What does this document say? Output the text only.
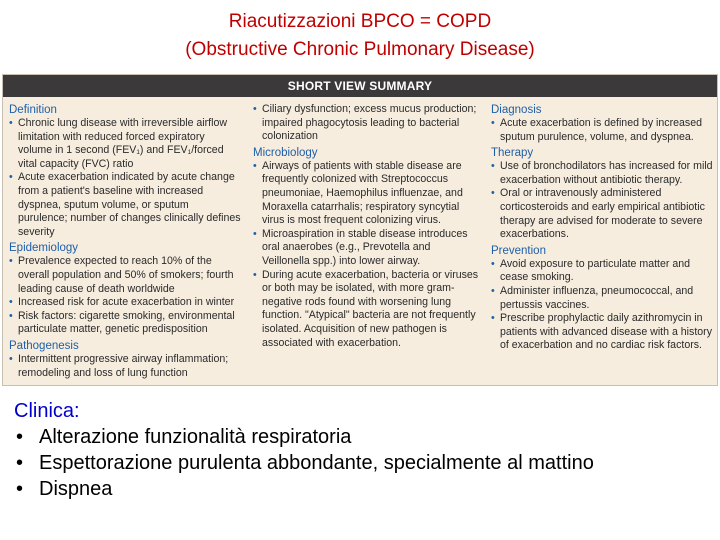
Riacutizzazioni BPCO = COPD
(Obstructive Chronic Pulmonary Disease)
SHORT VIEW SUMMARY
Definition
• Chronic lung disease with irreversible airflow limitation with reduced forced expiratory volume in 1 second (FEV₁) and FEV₁/forced vital capacity (FVC) ratio
• Acute exacerbation indicated by acute change from a patient's baseline with increased dyspnea, sputum volume, or sputum purulence; number of changes clinically defines severity
Epidemiology
• Prevalence expected to reach 10% of the overall population and 50% of smokers; fourth leading cause of death worldwide
• Increased risk for acute exacerbation in winter
• Risk factors: cigarette smoking, environmental particulate matter, genetic predisposition
Pathogenesis
• Intermittent progressive airway inflammation; remodeling and loss of lung function
• Ciliary dysfunction; excess mucus production; impaired phagocytosis leading to bacterial colonization
Microbiology
• Airways of patients with stable disease are frequently colonized with Streptococcus pneumoniae, Haemophilus influenzae, and Moraxella catarrhalis; respiratory syncytial virus is most frequent colonizing virus.
• Microaspiration in stable disease introduces oral anaerobes (e.g., Prevotella and Veillonella spp.) into lower airway.
• During acute exacerbation, bacteria or viruses or both may be isolated, with more gram-negative rods found with worsening lung function. "Atypical" bacteria are not frequently isolated. Acquisition of new pathogen is associated with exacerbation.
Diagnosis
• Acute exacerbation is defined by increased sputum purulence, volume, and dyspnea.
Therapy
• Use of bronchodilators has increased for mild exacerbation without antibiotic therapy.
• Oral or intravenously administered corticosteroids and early empirical antibiotic therapy are advised for moderate to severe exacerbations.
Prevention
• Avoid exposure to particulate matter and cease smoking.
• Administer influenza, pneumococcal, and pertussis vaccines.
• Prescribe prophylactic daily azithromycin in patients with advanced disease with a history of exacerbation and no cardiac risk factors.
Clinica:
• Alterazione funzionalità respiratoria
• Espettorazione purulenta abbondante, specialmente al mattino
• Dispnea
